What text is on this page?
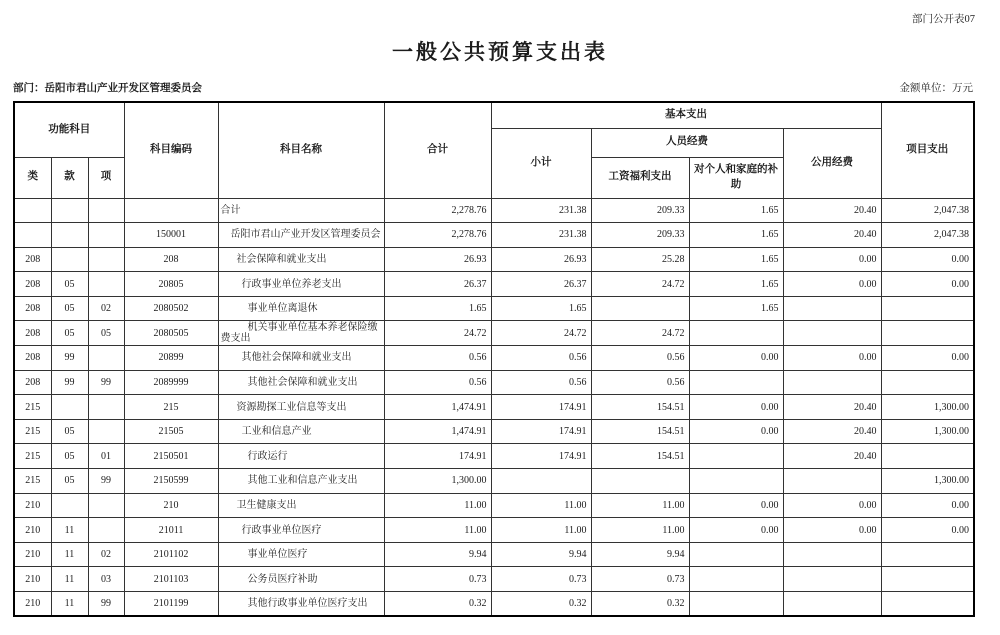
部门公开表07
一般公共预算支出表
部门：岳阳市君山产业开发区管理委员会	金额单位：万元
功能科目			科目编码	科目名称	合计	基本支出				项目支出
						小计	人员经费		公用经费	
类	款	项					工资福利支出	对个人和家庭的补助		
				合计	2,278.76	231.38	209.33	1.65	20.40	2,047.38
			150001	岳阳市君山产业开发区管理委员会	2,278.76	231.38	209.33	1.65	20.40	2,047.38
208			208	社会保障和就业支出	26.93	26.93	25.28	1.65	0.00	0.00
208	05		20805	行政事业单位养老支出	26.37	26.37	24.72	1.65	0.00	0.00
208	05	02	2080502	事业单位离退休	1.65	1.65		1.65		
208	05	05	2080505	机关事业单位基本养老保险缴费支出	24.72	24.72	24.72			
208	99		20899	其他社会保障和就业支出	0.56	0.56	0.56	0.00	0.00	0.00
208	99	99	2089999	其他社会保障和就业支出	0.56	0.56	0.56			
215			215	资源勘探工业信息等支出	1,474.91	174.91	154.51	0.00	20.40	1,300.00
215	05		21505	工业和信息产业	1,474.91	174.91	154.51	0.00	20.40	1,300.00
215	05	01	2150501	行政运行	174.91	174.91	154.51		20.40	
215	05	99	2150599	其他工业和信息产业支出	1,300.00					1,300.00
210			210	卫生健康支出	11.00	11.00	11.00	0.00	0.00	0.00
210	11		21011	行政事业单位医疗	11.00	11.00	11.00	0.00	0.00	0.00
210	11	02	2101102	事业单位医疗	9.94	9.94	9.94			
210	11	03	2101103	公务员医疗补助	0.73	0.73	0.73			
210	11	99	2101199	其他行政事业单位医疗支出	0.32	0.32	0.32			
